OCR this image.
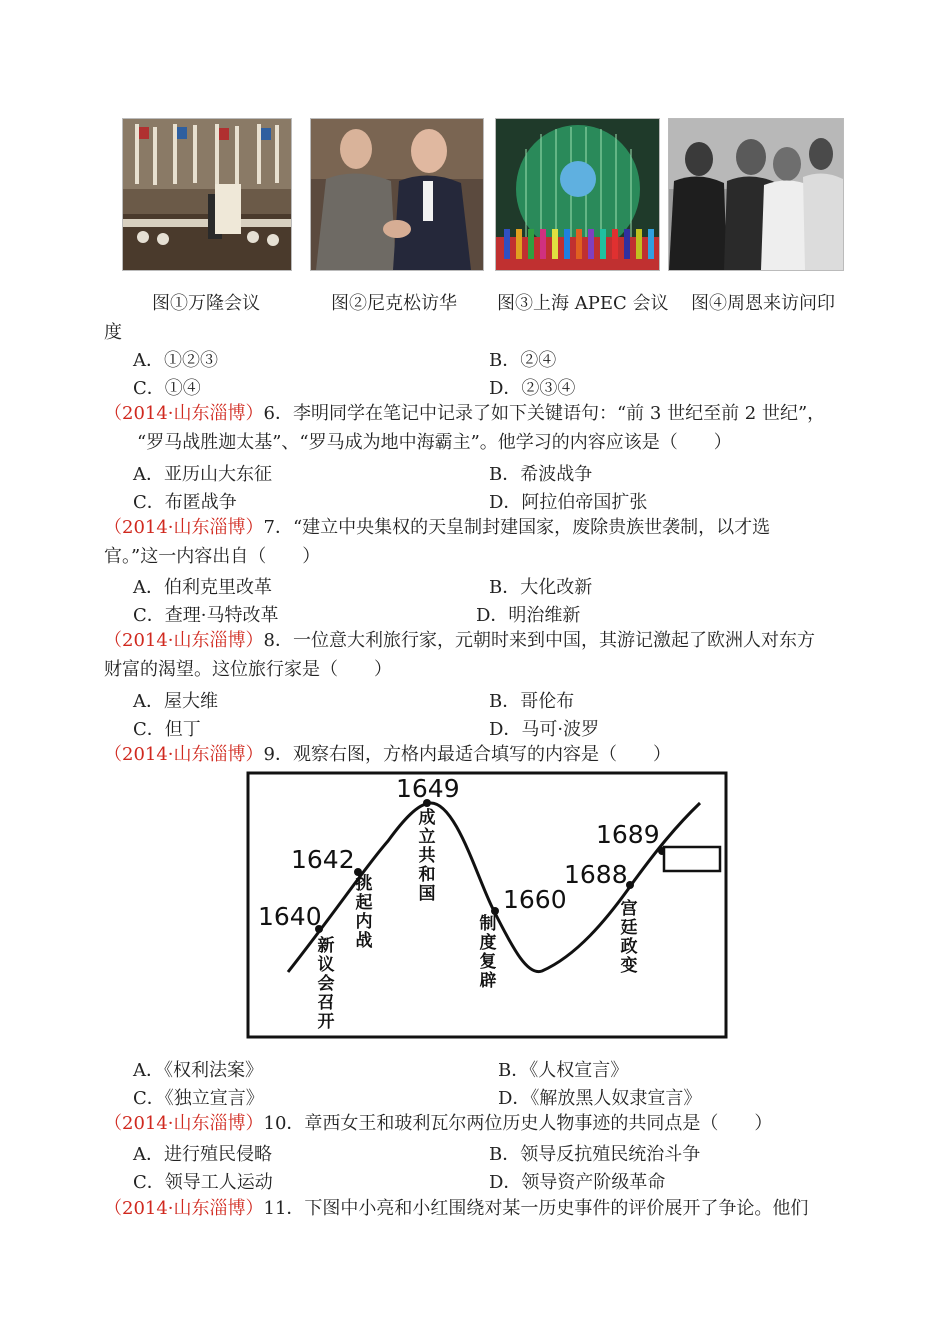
图①万隆会议	图②尼克松访华 图③上海 APEC 会议 图④周恩来访问印
度
A．①②③	B．②④
C．①④	D．②③④
（2014·山东淄博）6．李明同学在笔记中记录了如下关键语句：“前 3 世纪至前 2 世纪”，
“罗马战胜迦太基”、“罗马成为地中海霸主”。他学习的内容应该是（　　）
A．亚历山大东征	B．希波战争
C．布匿战争	D．阿拉伯帝国扩张
（2014·山东淄博）7．“建立中央集权的天皇制封建国家，废除贵族世袭制，以才选
官。”这一内容出自（　　）
A．伯利克里改革	B．大化改新
C．查理·马特改革	D．明治维新
（2014·山东淄博）8．一位意大利旅行家，元朝时来到中国，其游记激起了欧洲人对东方
财富的渴望。这位旅行家是（　　）
A．屋大维	B．哥伦布
C．但丁	D．马可·波罗
（2014·山东淄博）9．观察右图，方格内最适合填写的内容是（　　）
1640
1642
1649
1660
1688
1689
新
议
会
召
开
挑
起
内
战
成
立
共
和
国
制
度
复
辟
宫
廷
政
变
A．《权利法案》	B．《人权宣言》
C．《独立宣言》	D．《解放黑人奴隶宣言》
（2014·山东淄博）10．章西女王和玻利瓦尔两位历史人物事迹的共同点是（　　）
A．进行殖民侵略	B．领导反抗殖民统治斗争
C．领导工人运动	D．领导资产阶级革命
（2014·山东淄博）11．下图中小亮和小红围绕对某一历史事件的评价展开了争论。他们
